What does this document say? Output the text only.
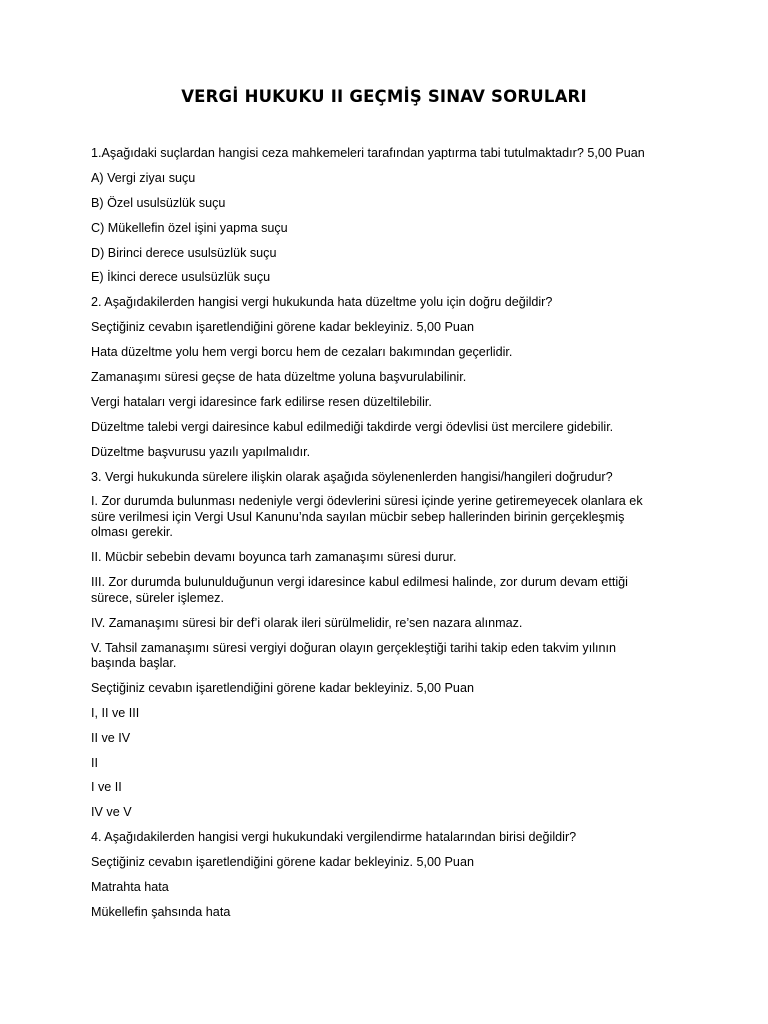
VERGİ HUKUKU II GEÇMİŞ SINAV SORULARI
1.Aşağıdaki suçlardan hangisi ceza mahkemeleri tarafından yaptırma tabi tutulmaktadır? 5,00 Puan
A) Vergi ziyaı suçu
B) Özel usulsüzlük suçu
C) Mükellefin özel işini yapma suçu
D) Birinci derece usulsüzlük suçu
E) İkinci derece usulsüzlük suçu
2. Aşağıdakilerden hangisi vergi hukukunda hata düzeltme yolu için doğru değildir?
Seçtiğiniz cevabın işaretlendiğini görene kadar bekleyiniz. 5,00 Puan
Hata düzeltme yolu hem vergi borcu hem de cezaları bakımından geçerlidir.
Zamanaşımı süresi geçse de hata düzeltme yoluna başvurulabilinir.
Vergi hataları vergi idaresince fark edilirse resen düzeltilebilir.
Düzeltme talebi vergi dairesince kabul edilmediği takdirde vergi ödevlisi üst mercilere gidebilir.
Düzeltme başvurusu yazılı yapılmalıdır.
3. Vergi hukukunda sürelere ilişkin olarak aşağıda söylenenlerden hangisi/hangileri doğrudur?
I. Zor durumda bulunması nedeniyle vergi ödevlerini süresi içinde yerine getiremeyecek olanlara ek
süre verilmesi için Vergi Usul Kanunu’nda sayılan mücbir sebep hallerinden birinin gerçekleşmiş
olması gerekir.
II. Mücbir sebebin devamı boyunca tarh zamanaşımı süresi durur.
III. Zor durumda bulunulduğunun vergi idaresince kabul edilmesi halinde, zor durum devam ettiği
sürece, süreler işlemez.
IV. Zamanaşımı süresi bir def’i olarak ileri sürülmelidir, re’sen nazara alınmaz.
V. Tahsil zamanaşımı süresi vergiyi doğuran olayın gerçekleştiği tarihi takip eden takvim yılının
başında başlar.
Seçtiğiniz cevabın işaretlendiğini görene kadar bekleyiniz. 5,00 Puan
I, II ve III
II ve IV
II
I ve II
IV ve V
4. Aşağıdakilerden hangisi vergi hukukundaki vergilendirme hatalarından birisi değildir?
Seçtiğiniz cevabın işaretlendiğini görene kadar bekleyiniz. 5,00 Puan
Matrahta hata
Mükellefin şahsında hata
